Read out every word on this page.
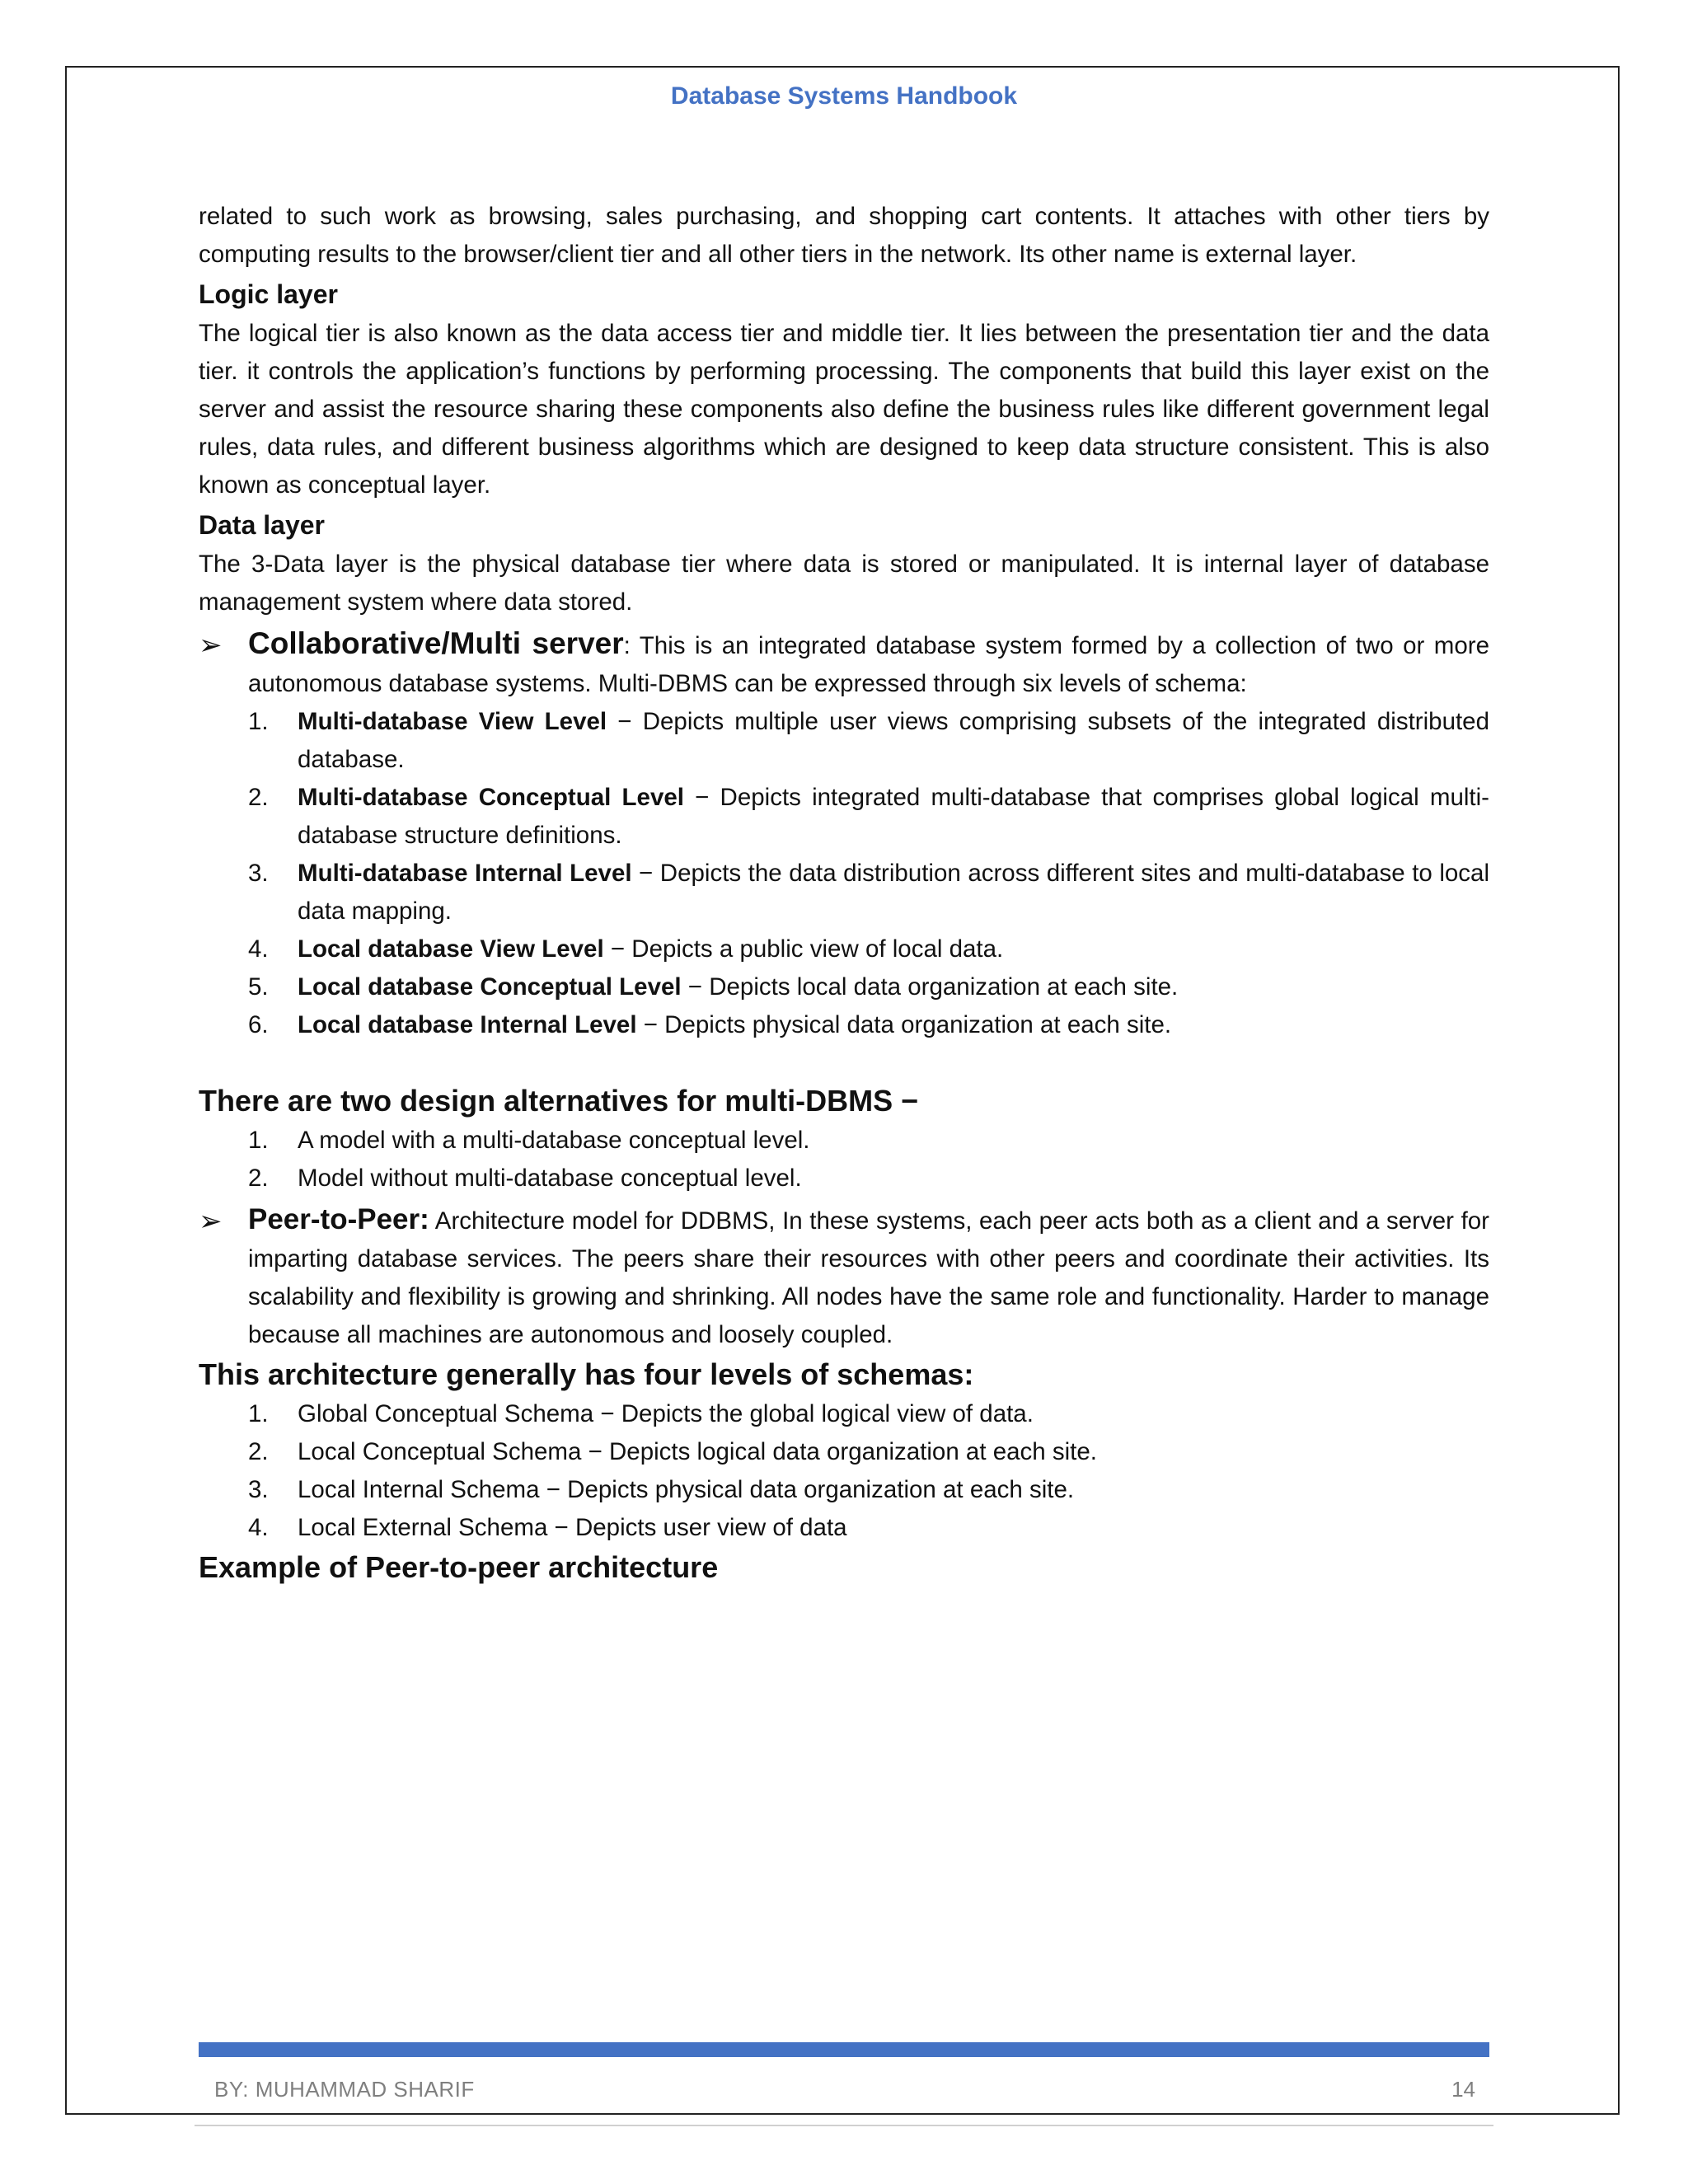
Database Systems Handbook

related to such work as browsing, sales purchasing, and shopping cart contents. It attaches with other tiers by computing results to the browser/client tier and all other tiers in the network. Its other name is external layer.

Logic layer

The logical tier is also known as the data access tier and middle tier. It lies between the presentation tier and the data tier. it controls the application’s functions by performing processing. The components that build this layer exist on the server and assist the resource sharing these components also define the business rules like different government legal rules, data rules, and different business algorithms which are designed to keep data structure consistent. This is also known as conceptual layer.

Data layer

The 3-Data layer is the physical database tier where data is stored or manipulated. It is internal layer of database management system where data stored.

➢ Collaborative/Multi server: This is an integrated database system formed by a collection of two or more autonomous database systems. Multi-DBMS can be expressed through six levels of schema:

1. Multi-database View Level − Depicts multiple user views comprising subsets of the integrated distributed database.
2. Multi-database Conceptual Level − Depicts integrated multi-database that comprises global logical multi-database structure definitions.
3. Multi-database Internal Level − Depicts the data distribution across different sites and multi-database to local data mapping.
4. Local database View Level − Depicts a public view of local data.
5. Local database Conceptual Level − Depicts local data organization at each site.
6. Local database Internal Level − Depicts physical data organization at each site.
There are two design alternatives for multi-DBMS −
1. A model with a multi-database conceptual level.
2. Model without multi-database conceptual level.
➢ Peer-to-Peer: Architecture model for DDBMS, In these systems, each peer acts both as a client and a server for imparting database services. The peers share their resources with other peers and coordinate their activities. Its scalability and flexibility is growing and shrinking. All nodes have the same role and functionality. Harder to manage because all machines are autonomous and loosely coupled.

This architecture generally has four levels of schemas:
1. Global Conceptual Schema − Depicts the global logical view of data.
2. Local Conceptual Schema − Depicts logical data organization at each site.
3. Local Internal Schema − Depicts physical data organization at each site.
4. Local External Schema − Depicts user view of data
Example of Peer-to-peer architecture
BY: MUHAMMAD SHARIF	14
